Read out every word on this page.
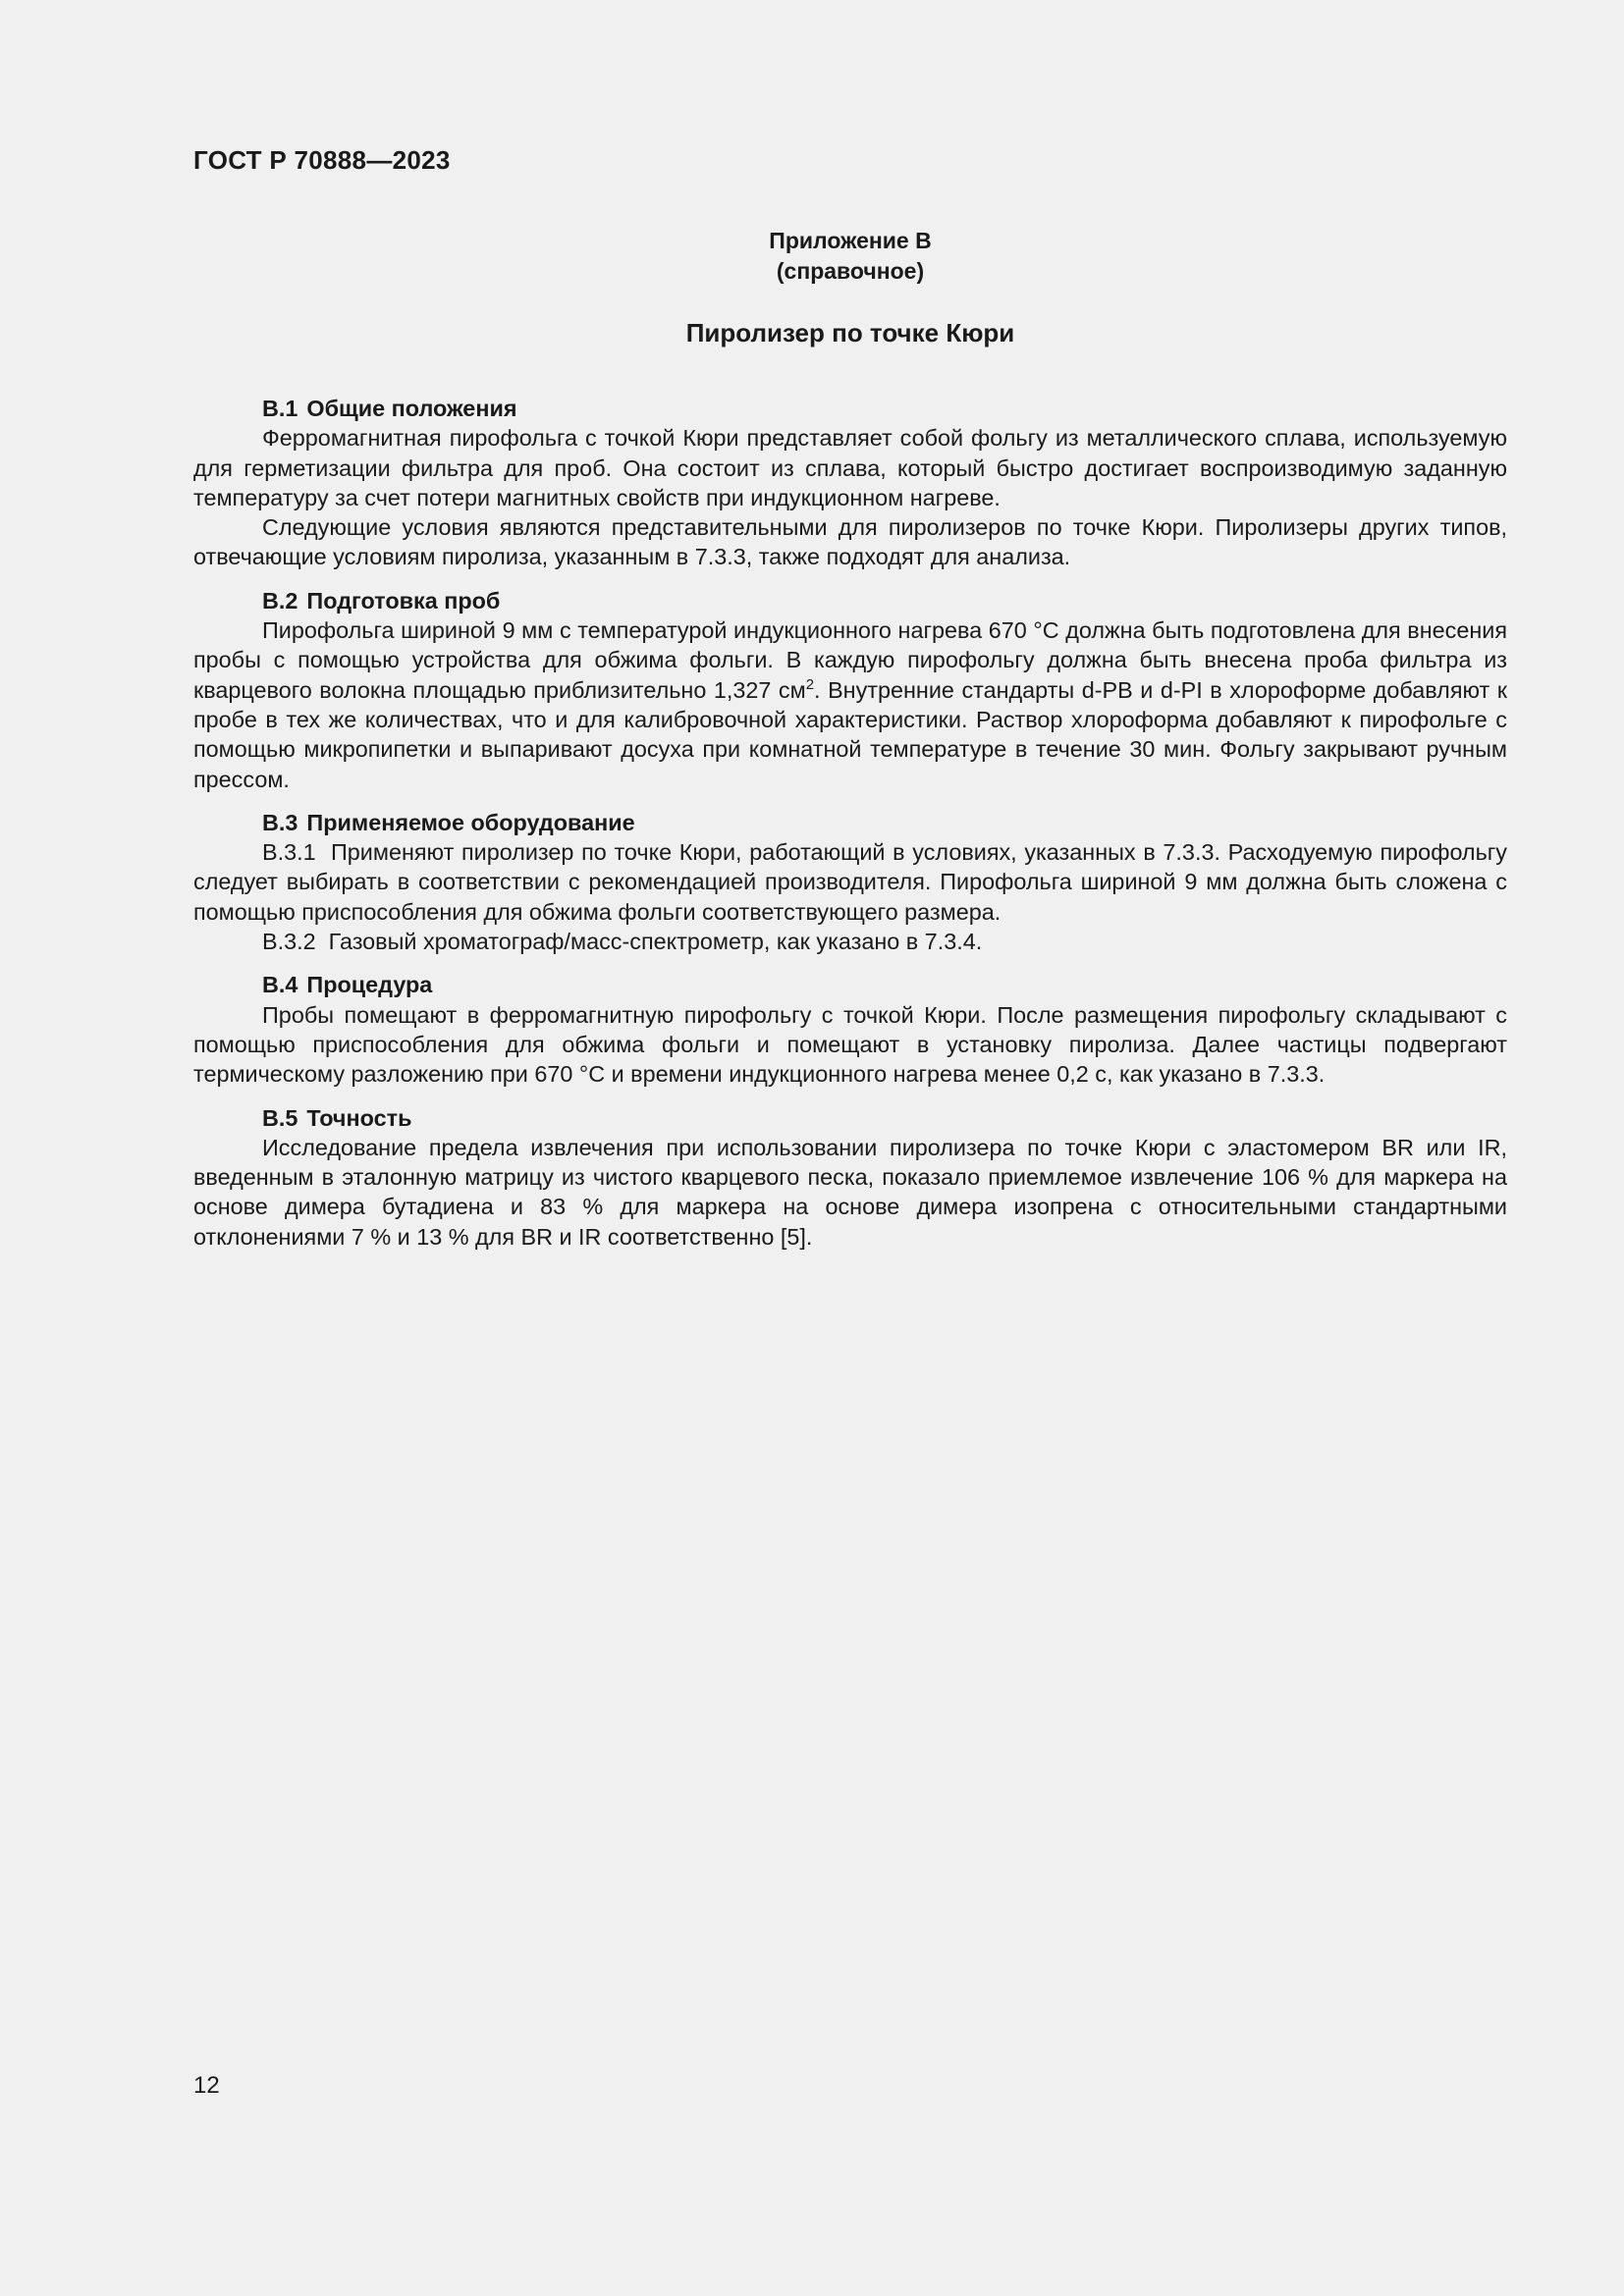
ГОСТ Р 70888—2023

Приложение В
(справочное)
Пиролизер по точке Кюри
В.1 Общие положения

Ферромагнитная пирофольга с точкой Кюри представляет собой фольгу из металлического сплава, используемую для герметизации фильтра для проб. Она состоит из сплава, который быстро достигает воспроизводимую заданную температуру за счет потери магнитных свойств при индукционном нагреве.

Следующие условия являются представительными для пиролизеров по точке Кюри. Пиролизеры других типов, отвечающие условиям пиролиза, указанным в 7.3.3, также подходят для анализа.

В.2 Подготовка проб

Пирофольга шириной 9 мм с температурой индукционного нагрева 670 °С должна быть подготовлена для внесения пробы с помощью устройства для обжима фольги. В каждую пирофольгу должна быть внесена проба фильтра из кварцевого волокна площадью приблизительно 1,327 $см^2$. Внутренние стандарты d-PB и d-PI в хлороформе добавляют к пробе в тех же количествах, что и для калибровочной характеристики. Раствор хлороформа добавляют к пирофольге с помощью микропипетки и выпаривают досуха при комнатной температуре в течение 30 мин. Фольгу закрывают ручным прессом.

В.3 Применяемое оборудование

В.3.1  Применяют пиролизер по точке Кюри, работающий в условиях, указанных в 7.3.3. Расходуемую пирофольгу следует выбирать в соответствии с рекомендацией производителя. Пирофольга шириной 9 мм должна быть сложена с помощью приспособления для обжима фольги соответствующего размера.

В.3.2  Газовый хроматограф/масс-спектрометр, как указано в 7.3.4.

В.4 Процедура

Пробы помещают в ферромагнитную пирофольгу с точкой Кюри. После размещения пирофольгу складывают с помощью приспособления для обжима фольги и помещают в установку пиролиза. Далее частицы подвергают термическому разложению при 670 °С и времени индукционного нагрева менее 0,2 с, как указано в 7.3.3.

В.5 Точность

Исследование предела извлечения при использовании пиролизера по точке Кюри с эластомером BR или IR, введенным в эталонную матрицу из чистого кварцевого песка, показало приемлемое извлечение 106 % для маркера на основе димера бутадиена и 83 % для маркера на основе димера изопрена с относительными стандартными отклонениями 7 % и 13 % для BR и IR соответственно [5].

12
